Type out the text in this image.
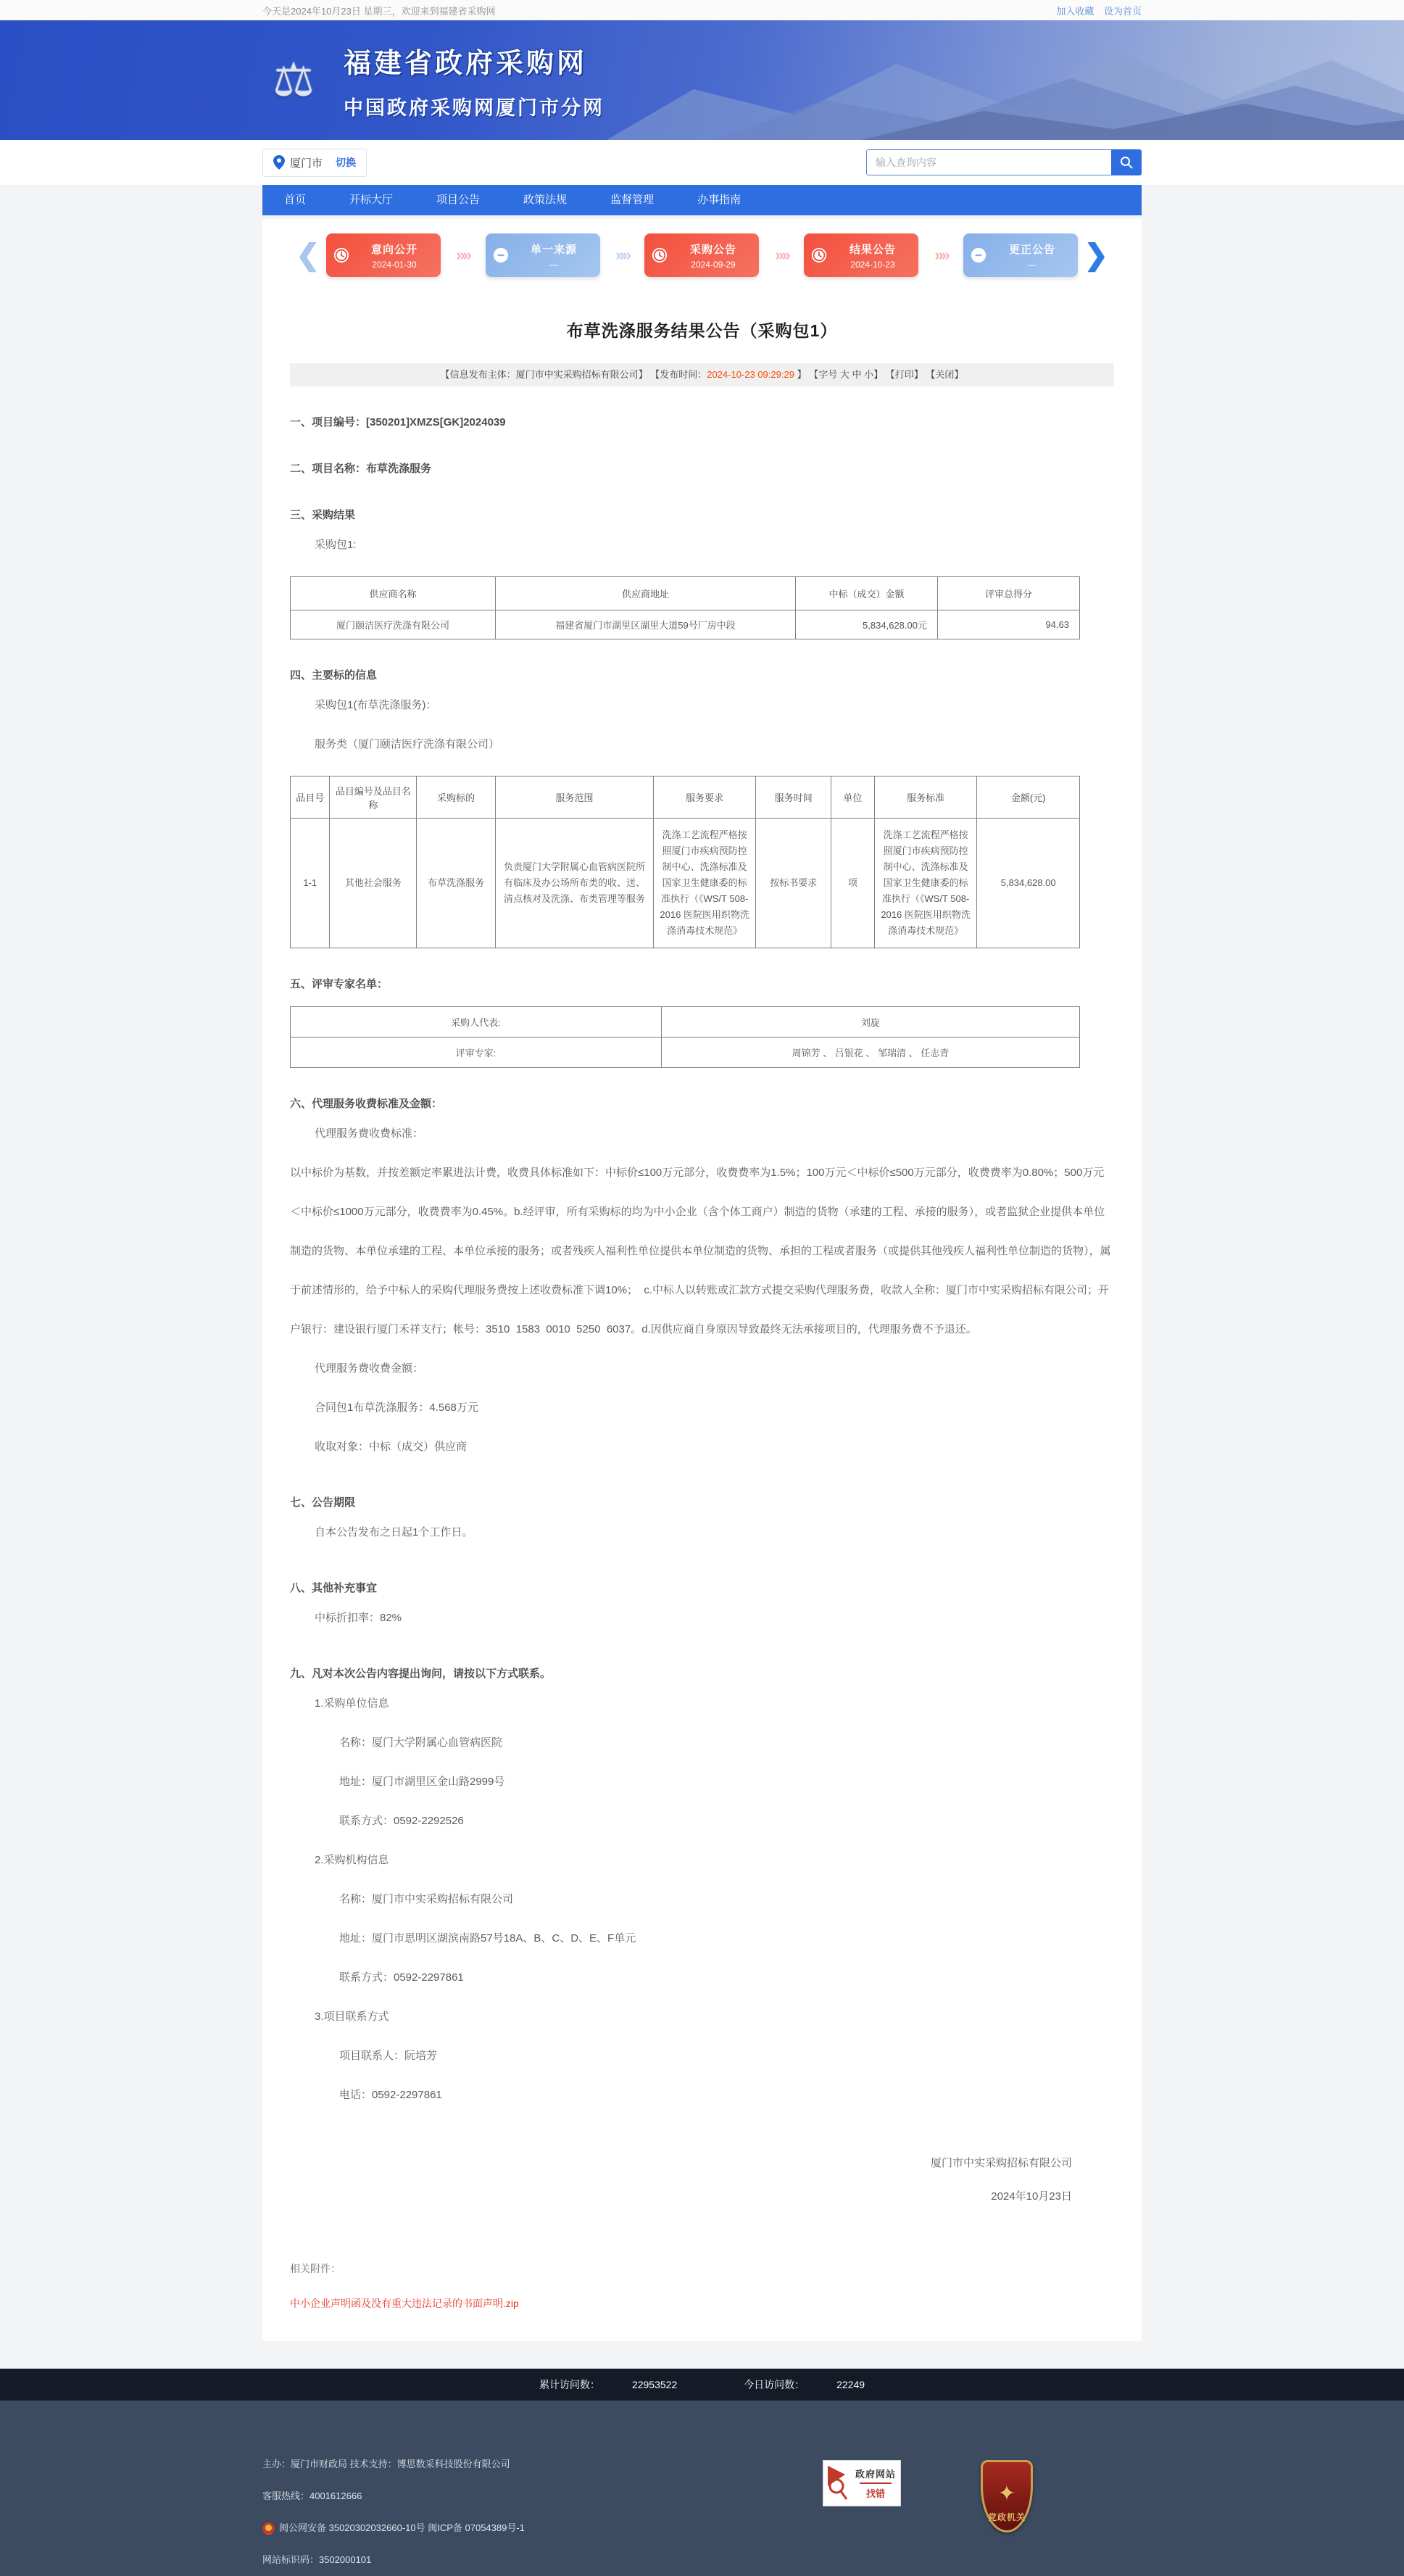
今天是2024年10月23日 星期三，欢迎来到福建省采购网	加入收藏 设为首页
⚖	福建省政府采购网
中国政府采购网厦门市分网
厦门市 切换
输入查询内容
首页	开标大厅	项目公告	政策法规	监督管理	办事指南
❮	意向公开
2024-01-30
»»	单一来源
—
»»	采购公告
2024-09-29
»»	结果公告
2024-10-23
»»	更正公告
—	❯
布草洗涤服务结果公告（采购包1）
【信息发布主体：厦门市中实采购招标有限公司】 【发布时间：2024-10-23 09:29:29 】 【字号 大 中 小】 【打印】 【关闭】
一、项目编号：[350201]XMZS[GK]2024039
二、项目名称：布草洗涤服务
三、采购结果
采购包1:
供应商名称	供应商地址	中标（成交）金额	评审总得分
厦门颐洁医疗洗涤有限公司	福建省厦门市湖里区湖里大道59号厂房中段	5,834,628.00元	94.63
四、主要标的信息
采购包1(布草洗涤服务)：
服务类（厦门颐洁医疗洗涤有限公司）
品目号	品目编号及品目名称	采购标的	服务范围	服务要求	服务时间	单位	服务标准	金额(元)
1-1	其他社会服务	布草洗涤服务	负责厦门大学附属心血管病医院所有临床及办公场所布类的收、送、清点核对及洗涤、布类管理等服务	洗涤工艺流程严格按照厦门市疾病预防控制中心、洗涤标准及国家卫生健康委的标准执行（《WS/T 508-2016 医院医用织物洗涤消毒技术规范》	按标书要求	项	洗涤工艺流程严格按照厦门市疾病预防控制中心、洗涤标准及国家卫生健康委的标准执行（《WS/T 508-2016 医院医用织物洗涤消毒技术规范》	5,834,628.00
五、评审专家名单：
采购人代表:	刘旋
评审专家:	周锦芳 、 吕银花 、 邹瑞清 、 任志青
六、代理服务收费标准及金额：
代理服务费收费标准：
以中标价为基数，并按差额定率累进法计费，收费具体标准如下：中标价≤100万元部分，收费费率为1.5%；100万元＜中标价≤500万元部分，收费费率为0.80%；500万元＜中标价≤1000万元部分，收费费率为0.45%。b.经评审，所有采购标的均为中小企业（含个体工商户）制造的货物（承建的工程、承接的服务），或者监狱企业提供本单位制造的货物、本单位承建的工程、本单位承接的服务；或者残疾人福利性单位提供本单位制造的货物、承担的工程或者服务（或提供其他残疾人福利性单位制造的货物），属于前述情形的，给予中标人的采购代理服务费按上述收费标准下调10%；  c.中标人以转账或汇款方式提交采购代理服务费，收款人全称：厦门市中实采购招标有限公司；开户银行：建设银行厦门禾祥支行；帐号：3510  1583  0010  5250  6037。d.因供应商自身原因导致最终无法承接项目的，代理服务费不予退还。
代理服务费收费金额：
合同包1布草洗涤服务：4.568万元
收取对象：中标（成交）供应商
七、公告期限
自本公告发布之日起1个工作日。
八、其他补充事宜
中标折扣率：82%
九、凡对本次公告内容提出询问，请按以下方式联系。
1.采购单位信息
名称：厦门大学附属心血管病医院
地址：厦门市湖里区金山路2999号
联系方式：0592-2292526
2.采购机构信息
名称：厦门市中实采购招标有限公司
地址：厦门市思明区湖滨南路57号18A、B、C、D、E、F单元
联系方式：0592-2297861
3.项目联系方式
项目联系人：阮培芳
电话：0592-2297861
厦门市中实采购招标有限公司
2024年10月23日
相关附件：
中小企业声明函及没有重大违法记录的书面声明.zip
累计访问数：	22953522	今日访问数：	22249
主办：厦门市财政局 技术支持：博思数采科技股份有限公司
客服热线：4001612666
闽公网安备 35020302032660-10号 闽ICP备 07054389号-1
网站标识码：3502000101
政府网站
找错	✦
党政机关
